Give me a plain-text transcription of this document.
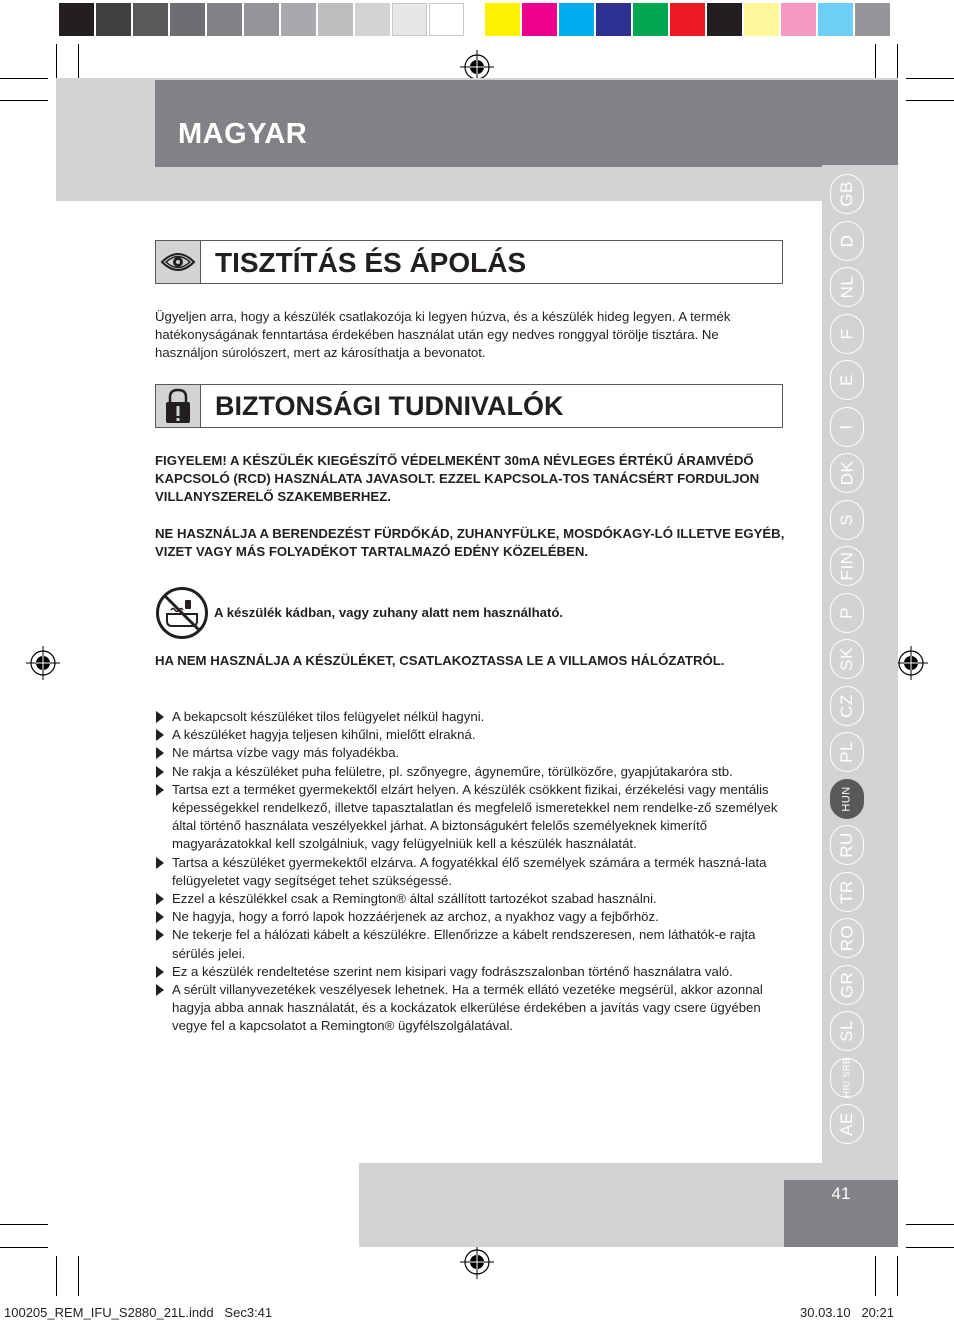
MAGYAR
41
TISZTÍTÁS ÉS ÁPOLÁS

Ügyeljen arra, hogy a készülék csatlakozója ki legyen húzva, és a készülék hideg legyen. A termék hatékonyságának fenntartása érdekében használat után egy nedves ronggyal törölje tisztára. Ne használjon súrolószert, mert az károsíthatja a bevonatot.

BIZTONSÁGI TUDNIVALÓK

FIGYELEM! A KÉSZÜLÉK KIEGÉSZÍTŐ VÉDELMEKÉNT 30mA NÉVLEGES ÉRTÉKŰ ÁRAMVÉDŐ KAPCSOLÓ (RCD) HASZNÁLATA JAVASOLT. EZZEL KAPCSOLA-TOS TANÁCSÉRT FORDULJON VILLANYSZERELŐ SZAKEMBERHEZ.

NE HASZNÁLJA A BERENDEZÉST FÜRDŐKÁD, ZUHANYFÜLKE, MOSDÓKAGY-LÓ ILLETVE EGYÉB, VIZET VAGY MÁS FOLYADÉKOT TARTALMAZÓ EDÉNY KÖZELÉBEN.

A készülék kádban, vagy zuhany alatt nem használható.

HA NEM HASZNÁLJA A KÉSZÜLÉKET, CSATLAKOZTASSA LE A VILLAMOS HÁLÓZATRÓL.

A bekapcsolt készüléket tilos felügyelet nélkül hagyni.
A készüléket hagyja teljesen kihűlni, mielőtt elrakná.
Ne mártsa vízbe vagy más folyadékba.
Ne rakja a készüléket puha felületre, pl. szőnyegre, ágyneműre, törülközőre, gyapjútakaróra stb.
Tartsa ezt a terméket gyermekektől elzárt helyen. A készülék csökkent fizikai, érzékelési vagy mentális képességekkel rendelkező, illetve tapasztalatlan és megfelelő ismeretekkel nem rendelke-ző személyek által történő használata veszélyekkel járhat. A biztonságukért felelős személyeknek kimerítő magyarázatokkal kell szolgálniuk, vagy felügyelniük kell a készülék használatát.
Tartsa a készüléket gyermekektől elzárva. A fogyatékkal élő személyek számára a termék haszná-lata felügyeletet vagy segítséget tehet szükségessé.
Ezzel a készülékkel csak a Remington® által szállított tartozékot szabad használni.
Ne hagyja, hogy a forró lapok hozzáérjenek az archoz, a nyakhoz vagy a fejbőrhöz.
Ne tekerje fel a hálózati kábelt a készülékre. Ellenőrizze a kábelt rendszeresen, nem láthatók-e rajta sérülés jelei.
Ez a készülék rendeltetése szerint nem kisipari vagy fodrászszalonban történő használatra való.
A sérült villanyvezetékek veszélyesek lehetnek. Ha a termék ellátó vezetéke megsérül, akkor azonnal hagyja abba annak használatát, és a kockázatok elkerülése érdekében a javítás vagy csere ügyében vegye fel a kapcsolatot a Remington® ügyfélszolgálatával.
100205_REM_IFU_S2880_21L.indd   Sec3:41	30.03.10   20:21
GB
D
NL
F
E
I
DK
S
FIN
P
SK
CZ
PL
HUN
RU
TR
RO
GR
SL
HR/ SRB
AE
